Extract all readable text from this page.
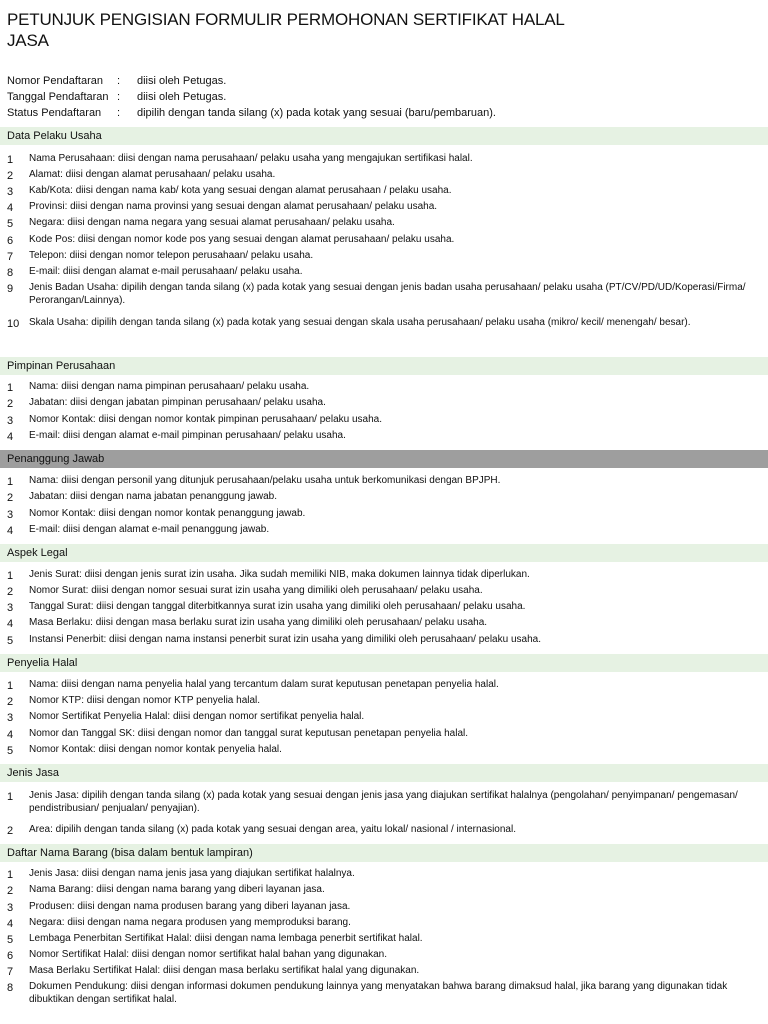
PETUNJUK PENGISIAN FORMULIR PERMOHONAN SERTIFIKAT HALAL JASA
Nomor Pendaftaran : diisi oleh Petugas.
Tanggal Pendaftaran : diisi oleh Petugas.
Status Pendaftaran : dipilih dengan tanda silang (x) pada kotak yang sesuai (baru/pembaruan).
Data Pelaku Usaha
1 Nama Perusahaan: diisi dengan nama perusahaan/ pelaku usaha yang mengajukan sertifikasi halal.
2 Alamat: diisi dengan alamat perusahaan/ pelaku usaha.
3 Kab/Kota: diisi dengan nama kab/ kota yang sesuai dengan alamat perusahaan / pelaku usaha.
4 Provinsi: diisi dengan nama provinsi yang sesuai dengan alamat perusahaan/ pelaku usaha.
5 Negara: diisi dengan nama negara yang sesuai alamat perusahaan/ pelaku usaha.
6 Kode Pos: diisi dengan nomor kode pos yang sesuai dengan alamat perusahaan/ pelaku usaha.
7 Telepon: diisi dengan nomor telepon perusahaan/ pelaku usaha.
8 E-mail: diisi dengan alamat e-mail perusahaan/ pelaku usaha.
9 Jenis Badan Usaha: dipilih dengan tanda silang (x) pada kotak yang sesuai dengan jenis badan usaha perusahaan/ pelaku usaha (PT/CV/PD/UD/Koperasi/Firma/ Perorangan/Lainnya).
10 Skala Usaha: dipilih dengan tanda silang (x) pada kotak yang sesuai dengan skala usaha perusahaan/ pelaku usaha (mikro/ kecil/ menengah/ besar).
Pimpinan Perusahaan
1 Nama: diisi dengan nama pimpinan perusahaan/ pelaku usaha.
2 Jabatan: diisi dengan jabatan pimpinan perusahaan/ pelaku usaha.
3 Nomor Kontak: diisi dengan nomor kontak pimpinan perusahaan/ pelaku usaha.
4 E-mail: diisi dengan alamat e-mail pimpinan perusahaan/ pelaku usaha.
Penanggung Jawab
1 Nama: diisi dengan personil yang ditunjuk perusahaan/pelaku usaha untuk berkomunikasi dengan BPJPH.
2 Jabatan: diisi dengan nama jabatan penanggung jawab.
3 Nomor Kontak: diisi dengan nomor kontak penanggung jawab.
4 E-mail: diisi dengan alamat e-mail penanggung jawab.
Aspek Legal
1 Jenis Surat: diisi dengan jenis surat izin usaha. Jika sudah memiliki NIB, maka dokumen lainnya tidak diperlukan.
2 Nomor Surat: diisi dengan nomor sesuai surat izin usaha yang dimiliki oleh perusahaan/ pelaku usaha.
3 Tanggal Surat: diisi dengan tanggal diterbitkannya surat izin usaha yang dimiliki oleh perusahaan/ pelaku usaha.
4 Masa Berlaku: diisi dengan masa berlaku surat izin usaha yang dimiliki oleh perusahaan/ pelaku usaha.
5 Instansi Penerbit: diisi dengan nama instansi penerbit surat izin usaha yang dimiliki oleh perusahaan/ pelaku usaha.
Penyelia Halal
1 Nama: diisi dengan nama penyelia halal yang tercantum dalam surat keputusan penetapan penyelia halal.
2 Nomor KTP: diisi dengan nomor KTP penyelia halal.
3 Nomor Sertifikat Penyelia Halal: diisi dengan nomor sertifikat penyelia halal.
4 Nomor dan Tanggal SK: diisi dengan nomor dan tanggal surat keputusan penetapan penyelia halal.
5 Nomor Kontak: diisi dengan nomor kontak penyelia halal.
Jenis Jasa
1 Jenis Jasa: dipilih dengan tanda silang (x) pada kotak yang sesuai dengan jenis jasa yang diajukan sertifikat halalnya (pengolahan/ penyimpanan/ pengemasan/ pendistribusian/ penjualan/ penyajian).
2 Area: dipilih dengan tanda silang (x) pada kotak yang sesuai dengan area, yaitu lokal/ nasional / internasional.
Daftar Nama Barang (bisa dalam bentuk lampiran)
1 Jenis Jasa: diisi dengan nama jenis jasa yang diajukan sertifikat halalnya.
2 Nama Barang: diisi dengan nama barang yang diberi layanan jasa.
3 Produsen: diisi dengan nama produsen barang yang diberi layanan jasa.
4 Negara: diisi dengan nama negara produsen yang memproduksi barang.
5 Lembaga Penerbitan Sertifikat Halal: diisi dengan nama lembaga penerbit sertifikat halal.
6 Nomor Sertifikat Halal: diisi dengan nomor sertifikat halal bahan yang digunakan.
7 Masa Berlaku Sertifikat Halal: diisi dengan masa berlaku sertifikat halal yang digunakan.
8 Dokumen Pendukung: diisi dengan informasi dokumen pendukung lainnya yang menyatakan bahwa barang dimaksud halal, jika barang yang digunakan tidak dibuktikan dengan sertifikat halal.
